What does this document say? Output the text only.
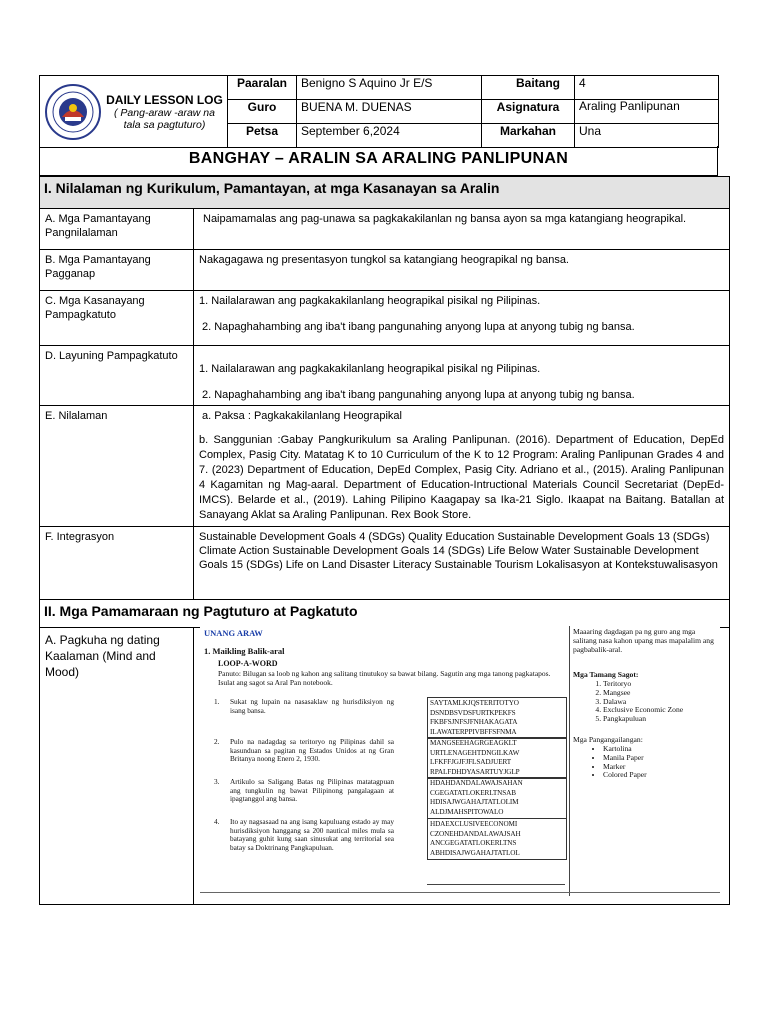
DAILY LESSON LOG
( Pang-araw -araw na tala sa pagtuturo)	Paaralan	Benigno S Aquino Jr E/S	Baitang	4
	Guro	BUENA M. DUENAS	Asignatura	Araling Panlipunan
	Petsa	September 6,2024	Markahan	Una
BANGHAY – ARALIN SA ARALING PANLIPUNAN
I. Nilalaman ng Kurikulum, Pamantayan, at mga Kasanayan sa Aralin	
A. Mga Pamantayang Pangnilalaman	Naipamamalas ang pag-unawa sa pagkakakilanlan ng bansa ayon sa mga katangiang heograpikal.
B. Mga Pamantayang Pagganap	Nakagagawa ng presentasyon tungkol sa katangiang heograpikal ng bansa.
C. Mga Kasanayang Pampagkatuto	1. Nailalarawan ang pagkakakilanlang heograpikal pisikal ng Pilipinas.

2. Napaghahambing ang iba't ibang pangunahing anyong lupa at anyong tubig ng bansa.

D. Layuning Pampagkatuto	1. Nailalarawan ang pagkakakilanlang heograpikal pisikal ng Pilipinas.

2. Napaghahambing ang iba't ibang pangunahing anyong lupa at anyong tubig ng bansa.

E. Nilalaman	a. Paksa : Pagkakakilanlang Heograpikal

b. Sanggunian :Gabay Pangkurikulum sa Araling Panlipunan. (2016). Department of Education, DepEd Complex, Pasig City. Matatag K to 10 Curriculum of the K to 12 Program: Araling Panlipunan Grades 4 and 7. (2023) Department of Education, DepEd Complex, Pasig City. Adriano et al., (2015). Araling Panlipunan 4 Kagamitan ng Mag-aaral. Department of Education-Intructional Materials Council Secretariat (DepEd-IMCS). Belarde et al., (2019). Lahing Pilipino Kaagapay sa Ika-21 Siglo. Ikaapat na Baitang. Batallan at Sanayang Aklat sa Araling Panlipunan. Rex Book Store.

F. Integrasyon	Sustainable Development Goals 4 (SDGs) Quality Education Sustainable Development Goals 13 (SDGs) Climate Action Sustainable Development Goals 14 (SDGs) Life Below Water Sustainable Development Goals 15 (SDGs) Life on Land Disaster Literacy Sustainable Tourism Lokalisasyon at Kontekstuwalisasyon
II. Mga Pamamaraan ng Pagtuturo at Pagkatuto	
A. Pagkuha ng dating Kaalaman (Mind and Mood)	
UNANG ARAW
1. Maikling Balik-aral
LOOP-A-WORD
Panuto: Bilugan sa loob ng kahon ang salitang tinutukoy sa bawat bilang. Sagutin ang mga tanong pagkatapos. Isulat ang sagot sa Aral Pan notebook.
1. Sukat ng lupain na nasasaklaw ng hurisdiksiyon ng isang bansa.
2. Pulo na nadagdag sa teritoryo ng Pilipinas dahil sa kasunduan sa pagitan ng Estados Unidos at ng Gran Britanya noong Enero 2, 1930.
3. Artikulo sa Saligang Batas ng Pilipinas matatagpuan ang tungkulin ng bawat Pilipinong pangalagaan at ipagtanggol ang bansa.
4. Ito ay nagsasaad na ang isang kapuluang estado ay may hurisdiksiyon hanggang sa 200 nautical miles mula sa batayang guhit kung saan sinusukat ang territorial sea batay sa Doktrinang Pangkapuluan.
SAYTAMLKJQSTERITOTYO
DSNDBSVDSFURTKPEKFS
FKBFSJNFSJFNHAKAGATA
ILAWATERPPIVBFFSFNMA
MANGSEEHAGRGEAGKLT
URTLENAGEHTDNGILKAW
LFKFFJGJFJFLSADJUERT
RPALFDHDYASARTUYJGLP
HDAHDANDALAWAJSAHAN
CGEGATATLOKERLTNSAB
HDISAJWGAHAJTATLOLIM
ALDJMAHSPITOWALO
HDAEXCLUSIVEECONOMI
CZONEHDANDALAWAJSAH
ANCGEGATATLOKERLTNS
ABHDISAJWGAHAJTATLOL
Maaaring dagdagan pa ng guro ang mga salitang nasa kahon upang mas mapalalim ang pagbabalik-aral.
Mga Tamang Sagot:
1. Teritoryo
2. Mangsee
3. Dalawa
4. Exclusive Economic Zone
5. Pangkapuluan
Mga Pangangailangan:
• Kartolina
• Manila Paper
• Marker
• Colored Paper
